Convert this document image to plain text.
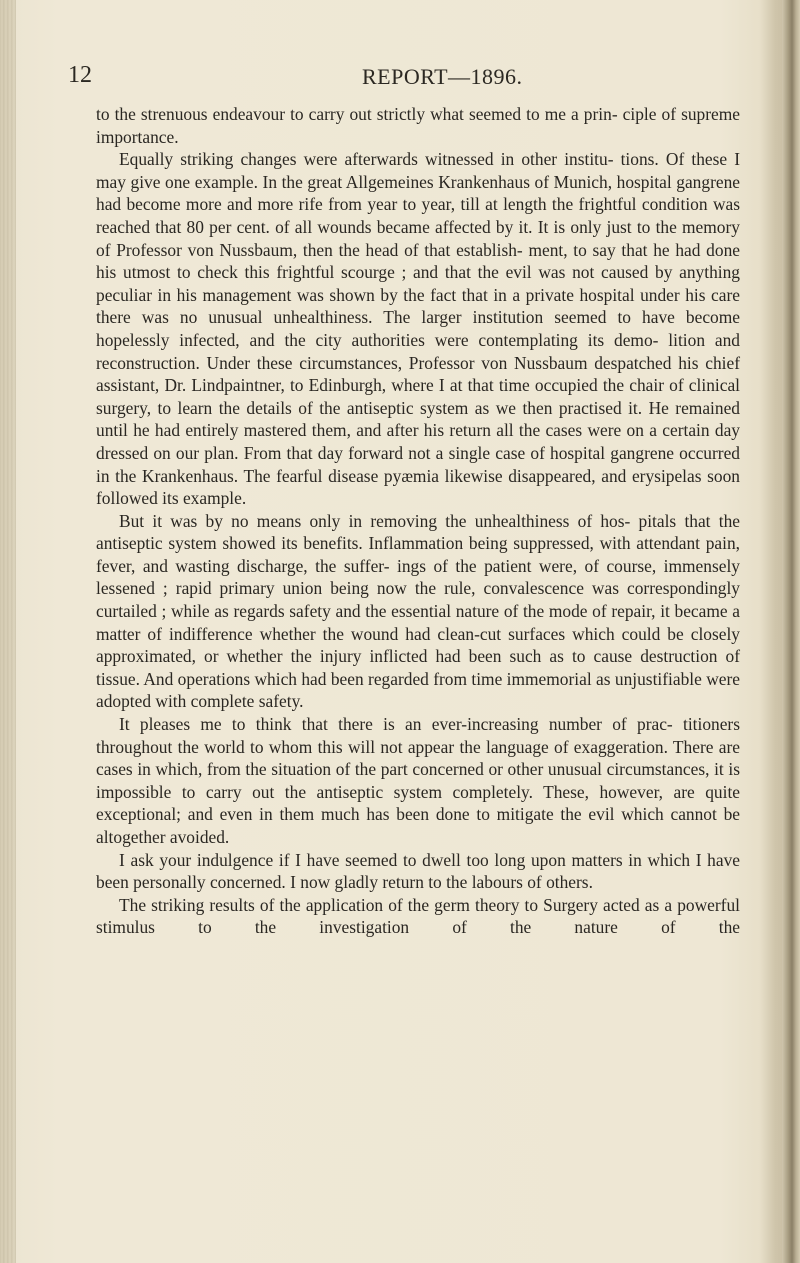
12	REPORT—1896.

to the strenuous endeavour to carry out strictly what seemed to me a prin- ciple of supreme importance.

Equally striking changes were afterwards witnessed in other institu- tions. Of these I may give one example. In the great Allgemeines Krankenhaus of Munich, hospital gangrene had become more and more rife from year to year, till at length the frightful condition was reached that 80 per cent. of all wounds became affected by it. It is only just to the memory of Professor von Nussbaum, then the head of that establish- ment, to say that he had done his utmost to check this frightful scourge ; and that the evil was not caused by anything peculiar in his management was shown by the fact that in a private hospital under his care there was no unusual unhealthiness. The larger institution seemed to have become hopelessly infected, and the city authorities were contemplating its demo- lition and reconstruction. Under these circumstances, Professor von Nussbaum despatched his chief assistant, Dr. Lindpaintner, to Edinburgh, where I at that time occupied the chair of clinical surgery, to learn the details of the antiseptic system as we then practised it. He remained until he had entirely mastered them, and after his return all the cases were on a certain day dressed on our plan. From that day forward not a single case of hospital gangrene occurred in the Krankenhaus. The fearful disease pyæmia likewise disappeared, and erysipelas soon followed its example.

But it was by no means only in removing the unhealthiness of hos- pitals that the antiseptic system showed its benefits. Inflammation being suppressed, with attendant pain, fever, and wasting discharge, the suffer- ings of the patient were, of course, immensely lessened ; rapid primary union being now the rule, convalescence was correspondingly curtailed ; while as regards safety and the essential nature of the mode of repair, it became a matter of indifference whether the wound had clean-cut surfaces which could be closely approximated, or whether the injury inflicted had been such as to cause destruction of tissue. And operations which had been regarded from time immemorial as unjustifiable were adopted with complete safety.

It pleases me to think that there is an ever-increasing number of prac- titioners throughout the world to whom this will not appear the language of exaggeration. There are cases in which, from the situation of the part concerned or other unusual circumstances, it is impossible to carry out the antiseptic system completely. These, however, are quite exceptional; and even in them much has been done to mitigate the evil which cannot be altogether avoided.

I ask your indulgence if I have seemed to dwell too long upon matters in which I have been personally concerned. I now gladly return to the labours of others.

The striking results of the application of the germ theory to Surgery acted as a powerful stimulus to the investigation of the nature of the
